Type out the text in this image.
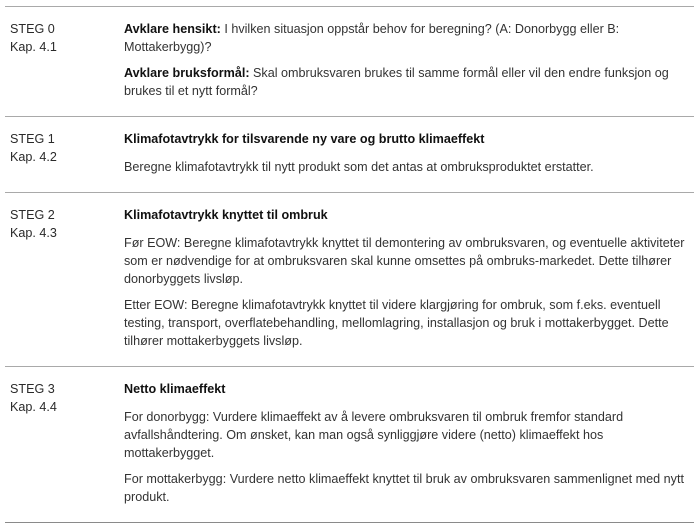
STEG 0
Kap. 4.1

Avklare hensikt: I hvilken situasjon oppstår behov for beregning? (A: Donorbygg eller B: Mottakerbygg)?

Avklare bruksformål: Skal ombruksvaren brukes til samme formål eller vil den endre funksjon og brukes til et nytt formål?

STEG 1
Kap. 4.2

Klimafotavtrykk for tilsvarende ny vare og brutto klimaeffekt

Beregne klimafotavtrykk til nytt produkt som det antas at ombruksproduktet erstatter.

STEG 2
Kap. 4.3

Klimafotavtrykk knyttet til ombruk

Før EOW: Beregne klimafotavtrykk knyttet til demontering av ombruksvaren, og eventuelle aktiviteter som er nødvendige for at ombruksvaren skal kunne omsettes på ombruks-markedet. Dette tilhører donorbyggets livsløp.

Etter EOW: Beregne klimafotavtrykk knyttet til videre klargjøring for ombruk, som f.eks. eventuell testing, transport, overflatebehandling, mellomlagring, installasjon og bruk i mottakerbygget. Dette tilhører mottakerbyggets livsløp.

STEG 3
Kap. 4.4

Netto klimaeffekt

For donorbygg: Vurdere klimaeffekt av å levere ombruksvaren til ombruk fremfor standard avfallshåndtering. Om ønsket, kan man også synliggjøre videre (netto) klimaeffekt hos mottakerbygget.

For mottakerbygg: Vurdere netto klimaeffekt knyttet til bruk av ombruksvaren sammenlignet med nytt produkt.
